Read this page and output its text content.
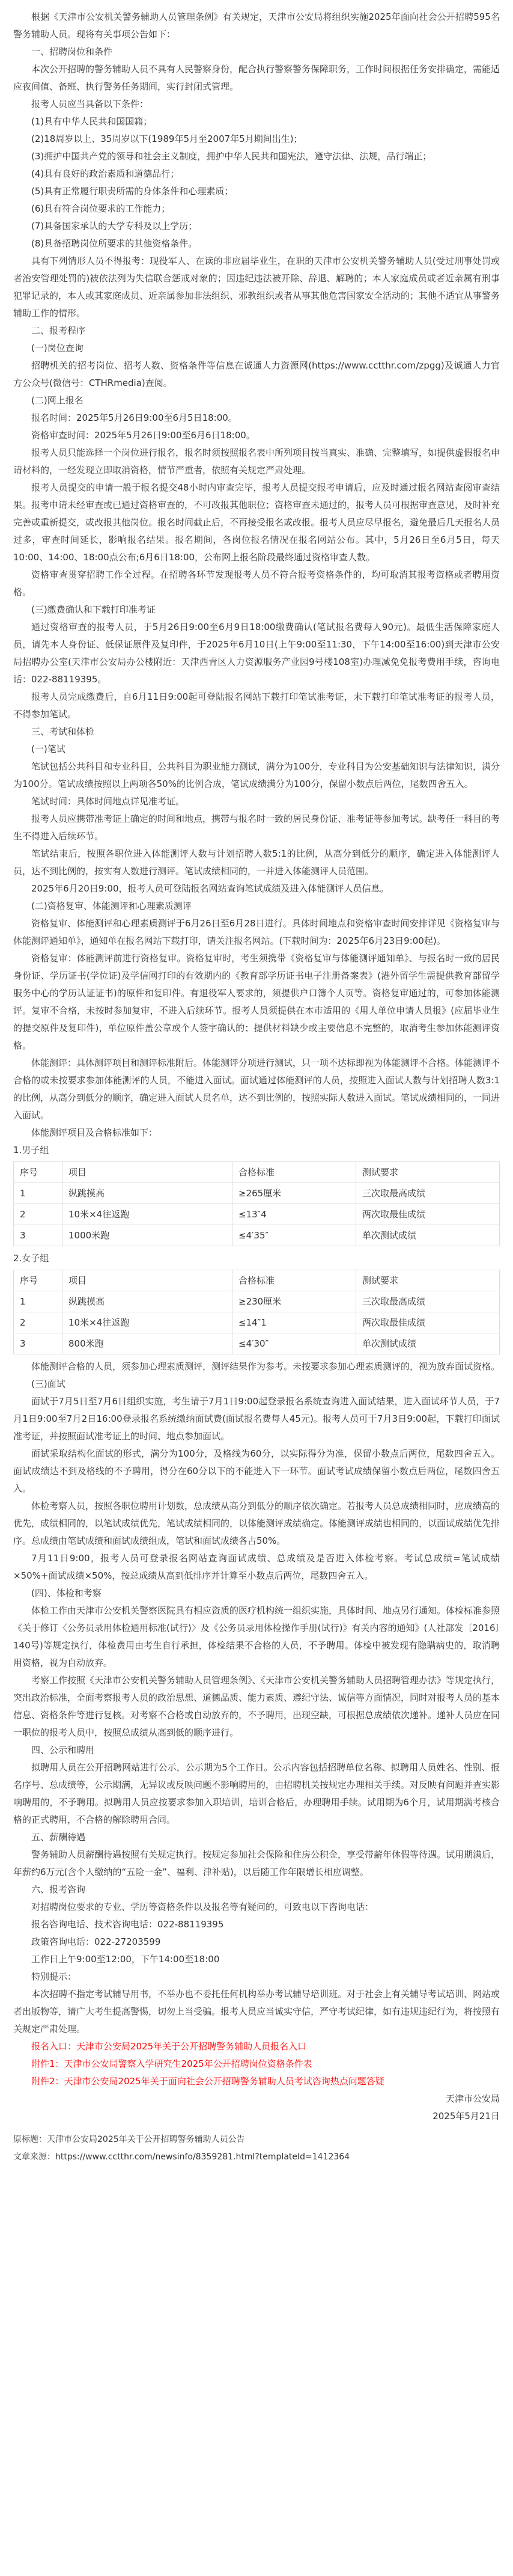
根据《天津市公安机关警务辅助人员管理条例》有关规定，天津市公安局将组织实施2025年面向社会公开招聘595名警务辅助人员。现将有关事项公告如下：

一、招聘岗位和条件

本次公开招聘的警务辅助人员不具有人民警察身份，配合执行警察警务保障职务，工作时间根据任务安排确定，需能适应夜间值、备班、执行警务任务期间，实行封闭式管理。

报考人员应当具备以下条件：

(1)具有中华人民共和国国籍；

(2)18周岁以上、35周岁以下(1989年5月至2007年5月期间出生)；

(3)拥护中国共产党的领导和社会主义制度，拥护中华人民共和国宪法，遵守法律、法规，品行端正；

(4)具有良好的政治素质和道德品行；

(5)具有正常履行职责所需的身体条件和心理素质；

(6)具有符合岗位要求的工作能力；

(7)具备国家承认的大学专科及以上学历；

(8)具备招聘岗位所要求的其他资格条件。

具有下列情形人员不得报考：现役军人、在读的非应届毕业生，在职的天津市公安机关警务辅助人员(受过刑事处罚或者治安管理处罚的)被依法列为失信联合惩戒对象的；因违纪违法被开除、辞退、解聘的；本人家庭成员或者近亲属有刑事犯罪记录的，本人或其家庭成员、近亲属参加非法组织、邪教组织或者从事其他危害国家安全活动的；其他不适宜从事警务辅助工作的情形。

二、报考程序

(一)岗位查询

招聘机关的招考岗位、招考人数、资格条件等信息在诚通人力资源网(https://www.cctthr.com/zpgg)及诚通人力官方公众号(微信号：CTHRmedia)查阅。

(二)网上报名

报名时间：2025年5月26日9:00至6月5日18:00。

资格审查时间：2025年5月26日9:00至6月6日18:00。

报考人员只能选择一个岗位进行报名，报名时须按照报名表中所列项目按当真实、准确、完整填写，如提供虚假报名申请材料的，一经发现立即取消资格，情节严重者，依照有关规定严肃处理。

报考人员提交的申请一般于报名提交48小时内审查完毕，报考人员提交报考申请后，应及时通过报名网站查阅审查结果。报考申请未经审查或已通过资格审查的，不可改报其他职位；资格审查未通过的，报考人员可根据审查意见，及时补充完善或重新提交，或改报其他岗位。报名时间截止后，不再接受报名或改报。报考人员应尽早报名，避免最后几天报名人员过多，审查时间延长，影响报名结果。报名期间，各岗位报名情况在报名网站公布。其中，5月26日至6月5日，每天10:00、14:00、18:00点公布;6月6日18:00，公布网上报名阶段最终通过资格审查人数。

资格审查贯穿招聘工作全过程。在招聘各环节发现报考人员不符合报考资格条件的，均可取消其报考资格或者聘用资格。

(三)缴费确认和下载打印准考证

通过资格审查的报考人员，于5月26日9:00至6月9日18:00缴费确认(笔试报名费每人90元)。最低生活保障家庭人员，请先本人身份证、低保证原件及复印件，于2025年6月10日(上午9:00至11:30，下午14:00至16:00)到天津市公安局招聘办公室(天津市公安局办公楼附近：天津西青区人力资源服务产业园9号楼108室)办理减免免报考费用手续，咨询电话：022-88119395。

报考人员完成缴费后，自6月11日9:00起可登陆报名网站下载打印笔试准考证，未下载打印笔试准考证的报考人员，不得参加笔试。

三、考试和体检

(一)笔试

笔试包括公共科目和专业科目，公共科目为职业能力测试，满分为100分，专业科目为公安基础知识与法律知识，满分为100分。笔试成绩按照以上两项各50%的比例合成，笔试成绩满分为100分，保留小数点后两位，尾数四舍五入。

笔试时间：具体时间地点详见准考证。

报考人员应携带准考证上确定的时间和地点，携带与报名时一致的居民身份证、准考证等参加考试。缺考任一科目的考生不得进入后续环节。

笔试结束后，按照各职位进入体能测评人数与计划招聘人数5:1的比例，从高分到低分的顺序，确定进入体能测评人员，达不到比例的，按实有人数进行测评。笔试成绩相同的，一并进入体能测评人员范围。

2025年6月20日9:00，报考人员可登陆报名网站查询笔试成绩及进入体能测评人员信息。

(二)资格复审、体能测评和心理素质测评

资格复审、体能测评和心理素质测评于6月26日至6月28日进行。具体时间地点和资格审查时间安排详见《资格复审与体能测评通知单》，通知单在报名网站下载打印，请关注报名网站。(下载时间为：2025年6月23日9:00起)。

资格复审：体能测评前进行资格复审。资格复审时，考生须携带《资格复审与体能测评通知单》、与报名时一致的居民身份证、学历证书(学位证)及学信网打印的有效期内的《教育部学历证书电子注册备案表》(港外留学生需提供教育部留学服务中心的学历认证证书)的原件和复印件。有退役军人要求的，须提供户口簿个人页等。资格复审通过的，可参加体能测评。复审不合格，未按时参加复审，不进入后续环节。报考人员须提供在本市适用的《用人单位申请人员报》(应届毕业生的提交原件及复印件)，单位原件盖公章或个人签字确认的；提供材料缺少或主要信息不完整的，取消考生参加体能测评资格。

体能测评：具体测评项目和测评标准附后。体能测评分项进行测试，只一项不达标即视为体能测评不合格。体能测评不合格的或未按要求参加体能测评的人员，不能进入面试。面试通过体能测评的人员，按照进入面试人数与计划招聘人数3:1的比例，从高分到低分的顺序，确定进入面试人员名单，达不到比例的，按照实际人数进入面试。笔试成绩相同的，一同进入面试。

体能测评项目及合格标准如下：

1.男子组

序号	项目	合格标准	测试要求
1	纵跳摸高	≥265厘米	三次取最高成绩
2	10米×4往返跑	≤13″4	两次取最佳成绩
3	1000米跑	≤4′35″	单次测试成绩

2.女子组

序号	项目	合格标准	测试要求
1	纵跳摸高	≥230厘米	三次取最高成绩
2	10米×4往返跑	≤14″1	两次取最佳成绩
3	800米跑	≤4′30″	单次测试成绩

体能测评合格的人员，须参加心理素质测评，测评结果作为参考。未按要求参加心理素质测评的，视为放弃面试资格。

(三)面试

面试于7月5日至7月6日组织实施，考生请于7月1日9:00起登录报名系统查询进入面试结果，进入面试环节人员，于7月1日9:00至7月2日16:00登录报名系统缴纳面试费(面试报名费每人45元)。报考人员可于7月3日9:00起，下载打印面试准考证，并按照面试准考证上的时间、地点参加面试。

面试采取结构化面试的形式，满分为100分，及格线为60分，以实际得分为准，保留小数点后两位，尾数四舍五入。面试成绩达不到及格线的不予聘用，得分在60分以下的不能进入下一环节。面试考试成绩保留小数点后两位，尾数四舍五入。

体检考察人员，按照各职位聘用计划数，总成绩从高分到低分的顺序依次确定。若报考人员总成绩相同时，应成绩高的优先，成绩相同的，以笔试成绩优先，笔试成绩相同的，以体能测评成绩确定。体能测评成绩也相同的，以面试成绩优先排序。总成绩由笔试成绩和面试成绩组成，笔试和面试成绩各占50%。

7月11日9:00，报考人员可登录报名网站查询面试成绩、总成绩及是否进入体检考察。考试总成绩=笔试成绩×50%+面试成绩×50%，按总成绩从高到低排序并计算至小数点后两位，尾数四舍五入。

(四)、体检和考察

体检工作由天津市公安机关警察医院具有相应资质的医疗机构统一组织实施，具体时间、地点另行通知。体检标准参照《关于修订〈公务员录用体检通用标准(试行)〉及《公务员录用体检操作手册(试行)》有关内容的通知》(人社部发〔2016〕140号)等规定执行，体检费用由考生自行承担，体检结果不合格的人员，不予聘用。体检中被发现有隐瞒病史的，取消聘用资格，视为自动放弃。

考察工作按照《天津市公安机关警务辅助人员管理条例》、《天津市公安机关警务辅助人员招聘管理办法》等规定执行，突出政治标准，全面考察报考人员的政治思想、道德品质、能力素质、遵纪守法、诚信等方面情况，同时对报考人员的基本信息、资格条件等进行复核。对考察不合格或自动放弃的，不予聘用，出现空缺，可根据总成绩依次递补。递补人员应在同一职位的报考人员中，按照总成绩从高到低的顺序进行。

四、公示和聘用

拟聘用人员在公开招聘网站进行公示，公示期为5个工作日。公示内容包括招聘单位名称、拟聘用人员姓名、性别、报名序号、总成绩等，公示期满，无异议或反映问题不影响聘用的，由招聘机关按规定办理相关手续。对反映有问题并查实影响聘用的，不予聘用。拟聘用人员应按要求参加入职培训，培训合格后，办理聘用手续。试用期为6个月，试用期满考核合格的正式聘用，不合格的解除聘用合同。

五、薪酬待遇

警务辅助人员薪酬待遇按照有关规定执行。按规定参加社会保险和住房公积金，享受带薪年休假等待遇。试用期满后，年薪约6万元(含个人缴纳的“五险一金”、福利、津补贴)，以后随工作年限增长相应调整。

六、报考咨询

对招聘岗位要求的专业、学历等资格条件以及报名等有疑问的，可致电以下咨询电话：

报名咨询电话、技术咨询电话：022-88119395

政策咨询电话：022-27203599

工作日上午9:00至12:00，下午14:00至18:00

特别提示：

本次招聘不指定考试辅导用书，不举办也不委托任何机构举办考试辅导培训班。对于社会上有关辅导考试培训、网站或者出版物等，请广大考生提高警惕，切勿上当受骗。报考人员应当诚实守信，严守考试纪律，如有违规违纪行为，将按照有关规定严肃处理。

报名入口：天津市公安局2025年关于公开招聘警务辅助人员报名入口

附件1：天津市公安局警察入学研究生2025年公开招聘岗位资格条件表

附件2：天津市公安局2025年关于面向社会公开招聘警务辅助人员考试咨询热点问题答疑

天津市公安局

2025年5月21日

原标题：天津市公安局2025年关于公开招聘警务辅助人员公告

文章来源：https://www.cctthr.com/newsinfo/8359281.html?templateId=1412364
